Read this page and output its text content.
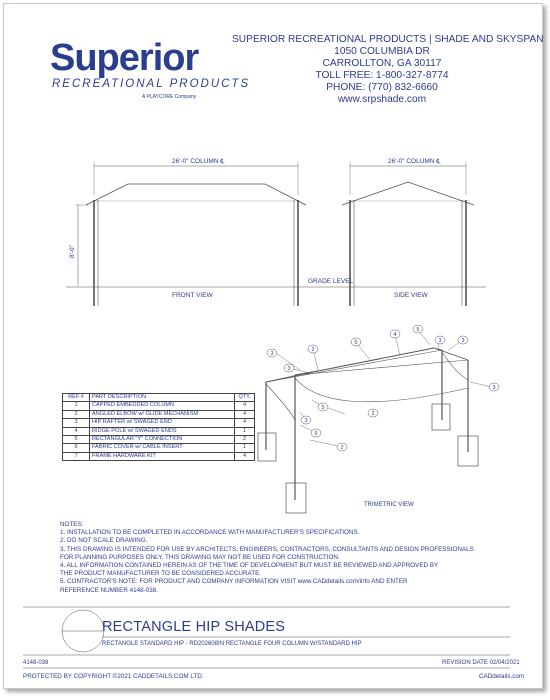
Superior
RECREATIONAL PRODUCTS
A PLAYCORE Company
SUPERIOR RECREATIONAL PRODUCTS | SHADE AND SKYSPAN
1050 COLUMBIA DR
CARROLLTON, GA 30117
TOLL FREE: 1-800-327-8774
PHONE: (770) 832-6660
www.srpshade.com
3
5
4
5
3	3
3
3
2
6
2
5
3
2
26'-0" COLUMN ℄	26'-0" COLUMN ℄
8'-0"
GRADE LEVEL
FRONT VIEW	SIDE VIEW
REF #	PART DESCRIPTION	QTY.
1	CAPPED EMBEDDED COLUMN	4
2	ANGLED ELBOW w/ GLIDE MECHANISM	4
3	HIP RAFTER w/ SWAGED END	4
4	RIDGE POLE w/ SWAGED ENDS	1
5	RECTANGULAR "Y" CONNECTION	2
6	FABRIC COVER w/ CABLE INSERT	1
7	FRAME HARDWARE KIT	4
TRIMETRIC VIEW
NOTES:
1. INSTALLATION TO BE COMPLETED IN ACCORDANCE WITH MANUFACTURER'S SPECIFICATIONS.
2. DO NOT SCALE DRAWING.
3. THIS DRAWING IS INTENDED FOR USE BY ARCHITECTS, ENGINEERS, CONTRACTORS, CONSULTANTS AND DESIGN PROFESSIONALS
FOR PLANNING PURPOSES ONLY. THIS DRAWING MAY NOT BE USED FOR CONSTRUCTION.
4. ALL INFORMATION CONTAINED HEREIN AS OF THE TIME OF DEVELOPMENT BUT MUST BE REVIEWED AND APPROVED BY
THE PRODUCT MANUFACTURER TO BE CONSIDERED ACCURATE.
5. CONTRACTOR'S NOTE: FOR PRODUCT AND COMPANY INFORMATION VISIT www.CADdetails.com/info AND ENTER
REFERENCE NUMBER 4148-038.
RECTANGLE HIP SHADES
RECTANGLE STANDARD HIP - RD202608IN RECTANGLE FOUR COLUMN W/STANDARD HIP
4148-038	REVISION DATE 02/04/2021
PROTECTED BY COPYRIGHT ©2021 CADDETAILS.COM LTD.	CADdetails.com
